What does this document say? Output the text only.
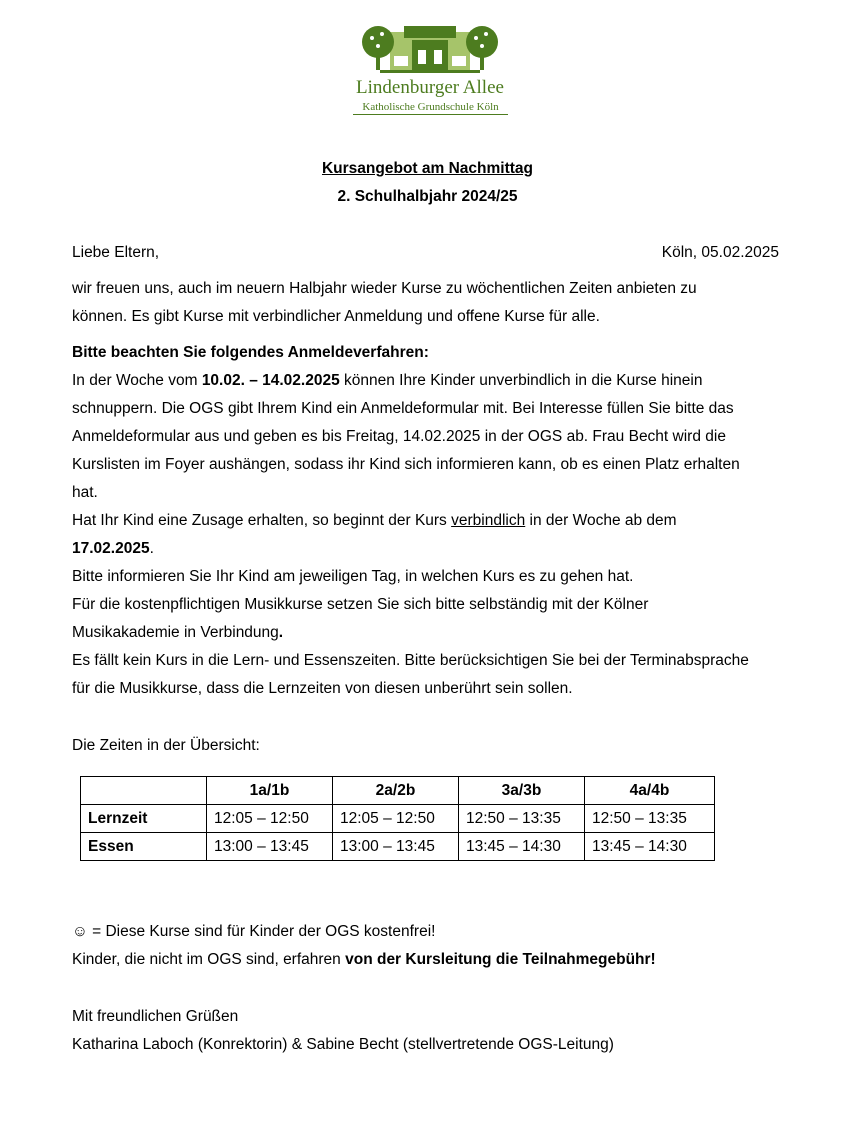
Lindenburger Allee
Katholische Grundschule Köln
Kursangebot am Nachmittag
2. Schulhalbjahr 2024/25
Liebe Eltern,	Köln, 05.02.2025
wir freuen uns, auch im neuern Halbjahr wieder Kurse zu wöchentlichen Zeiten anbieten zu
können. Es gibt Kurse mit verbindlicher Anmeldung und offene Kurse für alle.
Bitte beachten Sie folgendes Anmeldeverfahren:
In der Woche vom 10.02. – 14.02.2025 können Ihre Kinder unverbindlich in die Kurse hinein
schnuppern. Die OGS gibt Ihrem Kind ein Anmeldeformular mit. Bei Interesse füllen Sie bitte das
Anmeldeformular aus und geben es bis Freitag, 14.02.2025 in der OGS ab. Frau Becht wird die
Kurslisten im Foyer aushängen, sodass ihr Kind sich informieren kann, ob es einen Platz erhalten
hat.
Hat Ihr Kind eine Zusage erhalten, so beginnt der Kurs verbindlich in der Woche ab dem
17.02.2025.
Bitte informieren Sie Ihr Kind am jeweiligen Tag, in welchen Kurs es zu gehen hat.
Für die kostenpflichtigen Musikkurse setzen Sie sich bitte selbständig mit der Kölner
Musikakademie in Verbindung.
Es fällt kein Kurs in die Lern- und Essenszeiten. Bitte berücksichtigen Sie bei der Terminabsprache
für die Musikkurse, dass die Lernzeiten von diesen unberührt sein sollen.
Die Zeiten in der Übersicht:
	1a/1b	2a/2b	3a/3b	4a/4b
Lernzeit	12:05 – 12:50	12:05 – 12:50	12:50 – 13:35	12:50 – 13:35
Essen	13:00 – 13:45	13:00 – 13:45	13:45 – 14:30	13:45 – 14:30
☺ = Diese Kurse sind für Kinder der OGS kostenfrei!
Kinder, die nicht im OGS sind, erfahren von der Kursleitung die Teilnahmegebühr!
Mit freundlichen Grüßen
Katharina Laboch (Konrektorin) & Sabine Becht (stellvertretende OGS-Leitung)
